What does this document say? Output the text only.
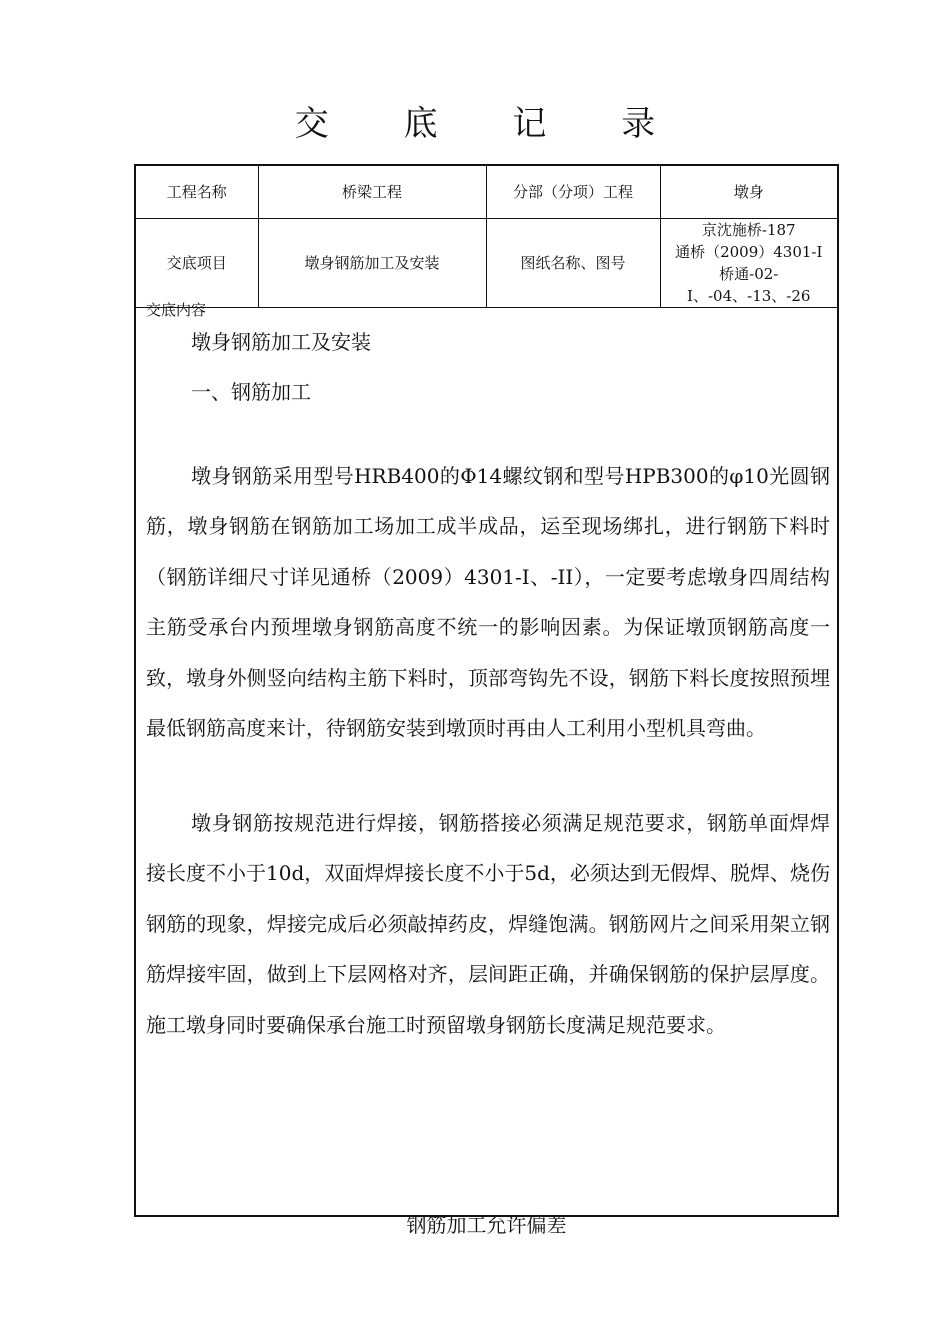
交 底 记 录
工程名称	桥梁工程	分部（分项）工程	墩身
交底项目	墩身钢筋加工及安装	图纸名称、图号	京沈施桥-187
通桥（2009）4301-I
桥通-02-I、-04、-13、-26
交底内容
墩身钢筋加工及安装
一、钢筋加工
墩身钢筋采用型号HRB400的Φ14螺纹钢和型号HPB300的φ10光圆钢筋，墩身钢筋在钢筋加工场加工成半成品，运至现场绑扎，进行钢筋下料时（钢筋详细尺寸详见通桥（2009）4301-I、-II），一定要考虑墩身四周结构主筋受承台内预埋墩身钢筋高度不统一的影响因素。为保证墩顶钢筋高度一致，墩身外侧竖向结构主筋下料时，顶部弯钩先不设，钢筋下料长度按照预埋最低钢筋高度来计，待钢筋安装到墩顶时再由人工利用小型机具弯曲。
墩身钢筋按规范进行焊接，钢筋搭接必须满足规范要求，钢筋单面焊焊接长度不小于10d，双面焊焊接长度不小于5d，必须达到无假焊、脱焊、烧伤钢筋的现象，焊接完成后必须敲掉药皮，焊缝饱满。钢筋网片之间采用架立钢筋焊接牢固，做到上下层网格对齐，层间距正确，并确保钢筋的保护层厚度。施工墩身同时要确保承台施工时预留墩身钢筋长度满足规范要求。
钢筋加工允许偏差
